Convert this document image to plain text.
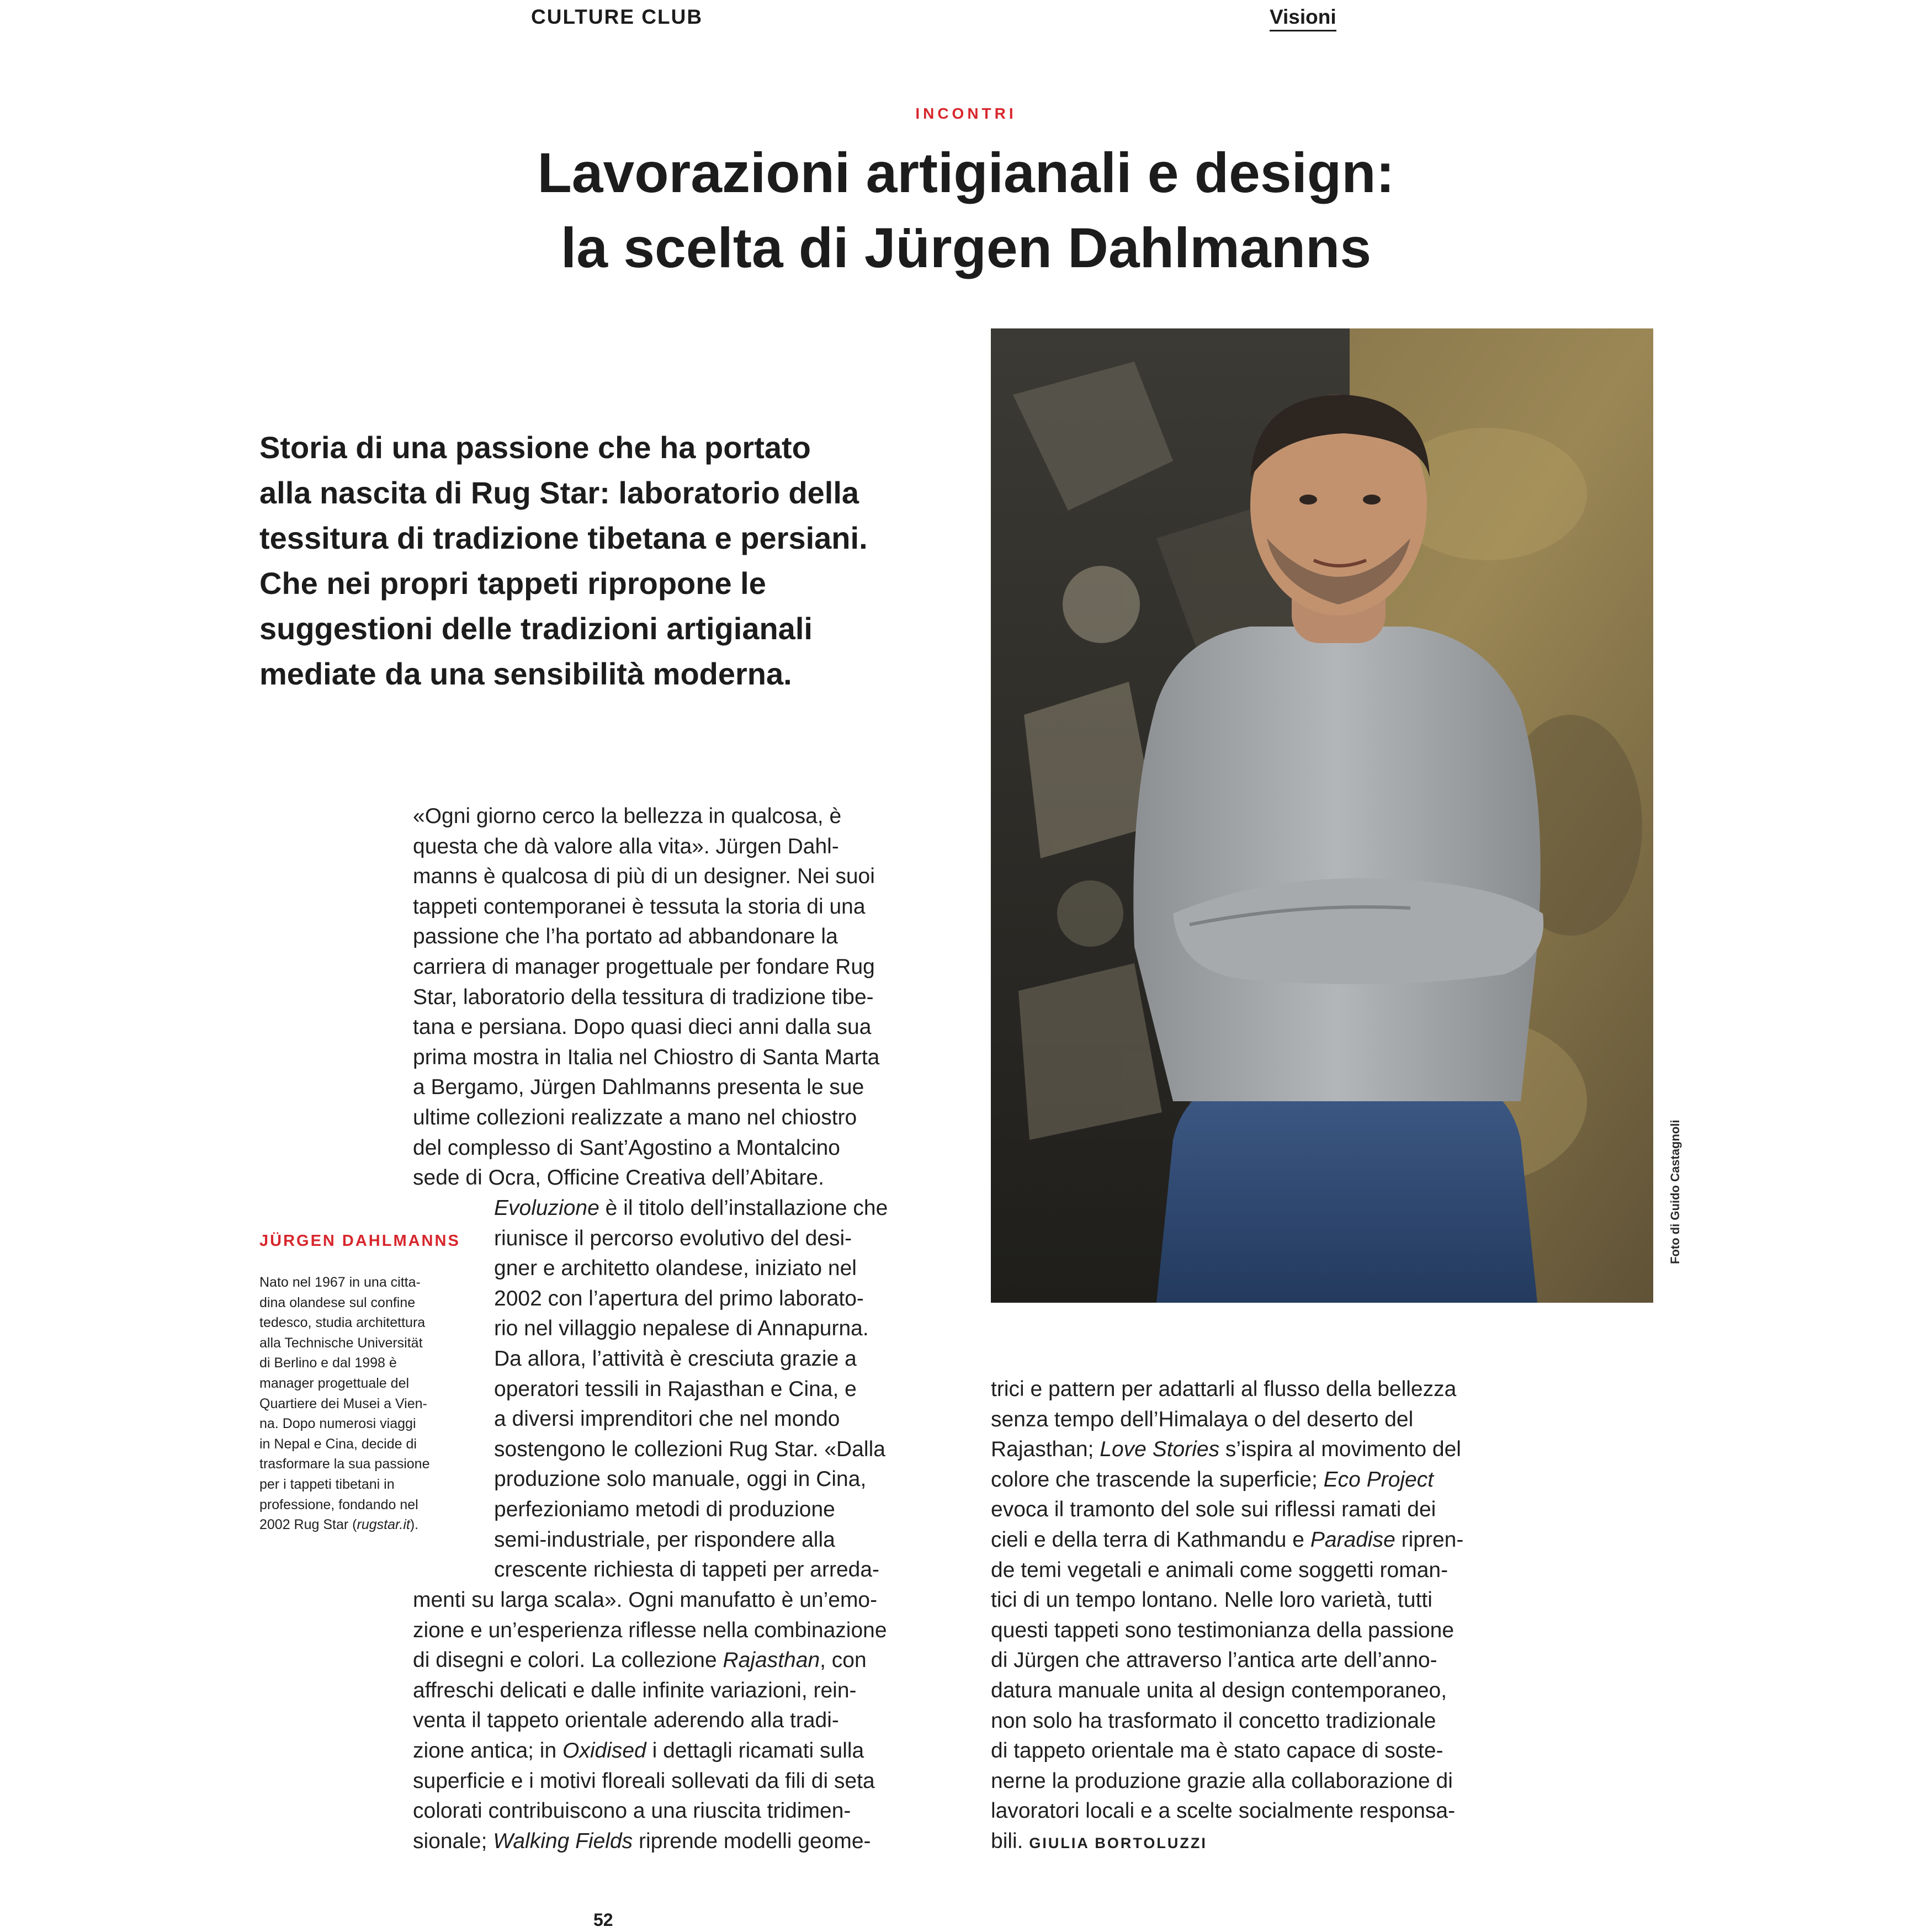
CULTURE CLUB	Visioni
INCONTRI
Lavorazioni artigianali e design:
la scelta di Jürgen Dahlmanns
Storia di una passione che ha portato
alla nascita di Rug Star: laboratorio della
tessitura di tradizione tibetana e persiani.
Che nei propri tappeti ripropone le
suggestioni delle tradizioni artigianali
mediate da una sensibilità moderna.
Foto di Guido Castagnoli
«Ogni giorno cerco la bellezza in qualcosa, è
questa che dà valore alla vita». Jürgen Dahl-
manns è qualcosa di più di un designer. Nei suoi
tappeti contemporanei è tessuta la storia di una
passione che l’ha portato ad abbandonare la
carriera di manager progettuale per fondare Rug
Star, laboratorio della tessitura di tradizione tibe-
tana e persiana. Dopo quasi dieci anni dalla sua
prima mostra in Italia nel Chiostro di Santa Marta
a Bergamo, Jürgen Dahlmanns presenta le sue
ultime collezioni realizzate a mano nel chiostro
del complesso di Sant’Agostino a Montalcino
sede di Ocra, Officine Creativa dell’Abitare.
Evoluzione è il titolo dell’installazione che
riunisce il percorso evolutivo del desi-
gner e architetto olandese, iniziato nel
2002 con l’apertura del primo laborato-
rio nel villaggio nepalese di Annapurna.
Da allora, l’attività è cresciuta grazie a
operatori tessili in Rajasthan e Cina, e
a diversi imprenditori che nel mondo
sostengono le collezioni Rug Star. «Dalla
produzione solo manuale, oggi in Cina,
perfezioniamo metodi di produzione
semi-industriale, per rispondere alla
crescente richiesta di tappeti per arreda-
menti su larga scala». Ogni manufatto è un’emo-
zione e un’esperienza riflesse nella combinazione
di disegni e colori. La collezione Rajasthan, con
affreschi delicati e dalle infinite variazioni, rein-
venta il tappeto orientale aderendo alla tradi-
zione antica; in Oxidised i dettagli ricamati sulla
superficie e i motivi floreali sollevati da fili di seta
colorati contribuiscono a una riuscita tridimen-
sionale; Walking Fields riprende modelli geome-
trici e pattern per adattarli al flusso della bellezza
senza tempo dell’Himalaya o del deserto del
Rajasthan; Love Stories s’ispira al movimento del
colore che trascende la superficie; Eco Project
evoca il tramonto del sole sui riflessi ramati dei
cieli e della terra di Kathmandu e Paradise ripren-
de temi vegetali e animali come soggetti roman-
tici di un tempo lontano. Nelle loro varietà, tutti
questi tappeti sono testimonianza della passione
di Jürgen che attraverso l’antica arte dell’anno-
datura manuale unita al design contemporaneo,
non solo ha trasformato il concetto tradizionale
di tappeto orientale ma è stato capace di soste-
nerne la produzione grazie alla collaborazione di
lavoratori locali e a scelte socialmente responsa-
bili. GIULIA BORTOLUZZI
JÜRGEN DAHLMANNS
Nato nel 1967 in una citta-
dina olandese sul confine
tedesco, studia architettura
alla Technische Universität
di Berlino e dal 1998 è
manager progettuale del
Quartiere dei Musei a Vien-
na. Dopo numerosi viaggi
in Nepal e Cina, decide di
trasformare la sua passione
per i tappeti tibetani in
professione, fondando nel
2002 Rug Star (rugstar.it).
52
